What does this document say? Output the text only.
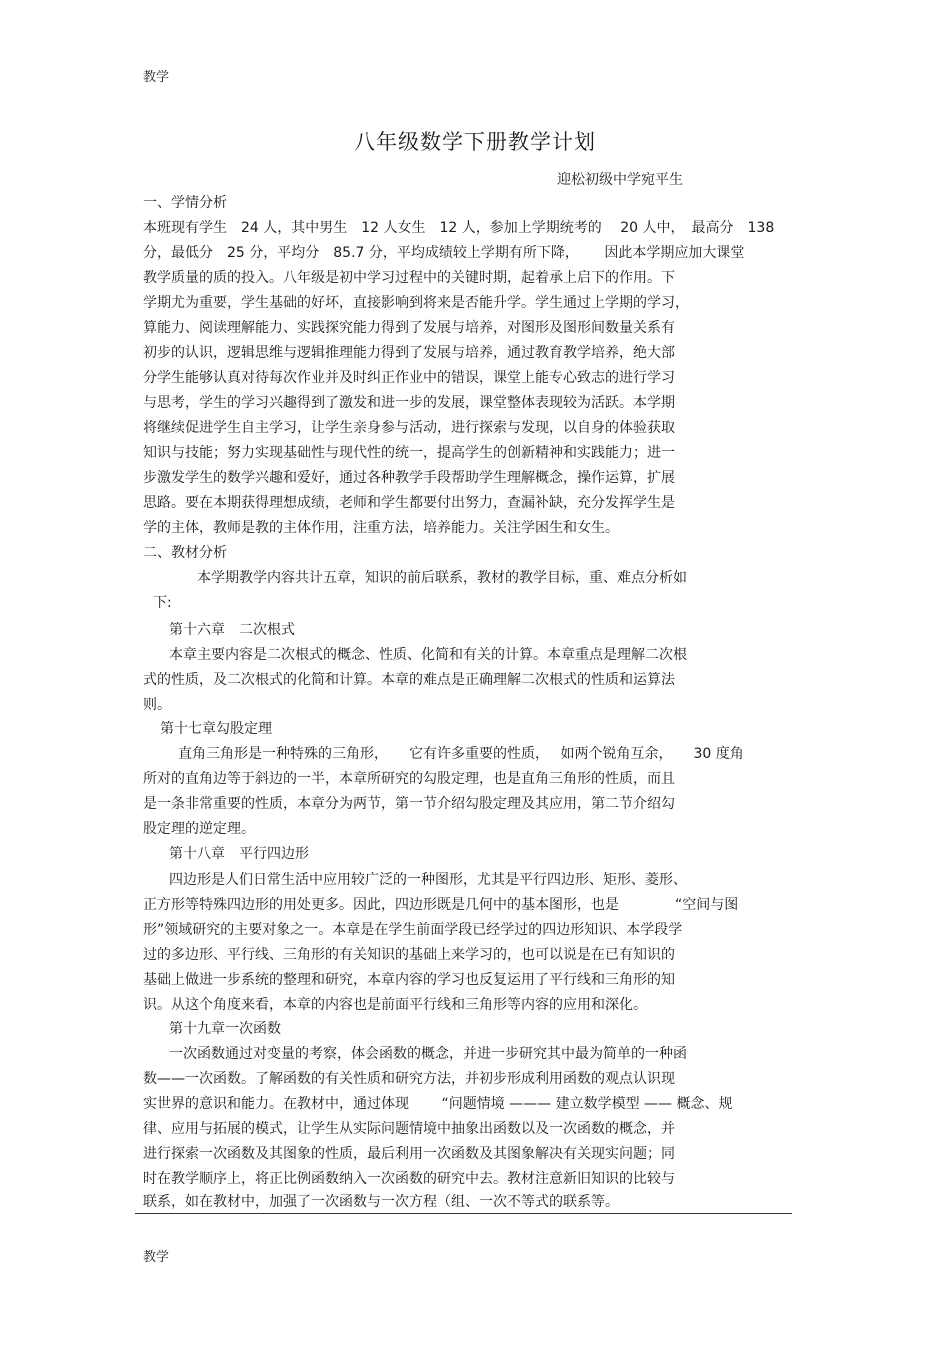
教学
八年级数学下册教学计划
迎松初级中学宛平生
一、学情分析
本班现有学生　24 人，其中男生　12 人女生　12 人，参加上学期统考的　 20 人中，　最高分　138
分，最低分　25 分，平均分　85.7 分，平均成绩较上学期有所下降，　　 因此本学期应加大课堂
教学质量的质的投入。八年级是初中学习过程中的关键时期，起着承上启下的作用。下
学期尤为重要，学生基础的好坏，直接影响到将来是否能升学。学生通过上学期的学习，
算能力、阅读理解能力、实践探究能力得到了发展与培养，对图形及图形间数量关系有
初步的认识，逻辑思维与逻辑推理能力得到了发展与培养，通过教育教学培养，绝大部
分学生能够认真对待每次作业并及时纠正作业中的错误，课堂上能专心致志的进行学习
与思考，学生的学习兴趣得到了激发和进一步的发展，课堂整体表现较为活跃。本学期
将继续促进学生自主学习，让学生亲身参与活动，进行探索与发现，以自身的体验获取
知识与技能；努力实现基础性与现代性的统一，提高学生的创新精神和实践能力；进一
步激发学生的数学兴趣和爱好，通过各种教学手段帮助学生理解概念，操作运算，扩展
思路。要在本期获得理想成绩，老师和学生都要付出努力，查漏补缺，充分发挥学生是
学的主体，教师是教的主体作用，注重方法，培养能力。关注学困生和女生。
二、教材分析
本学期教学内容共计五章，知识的前后联系，教材的教学目标，重、难点分析如
下:
第十六章　二次根式
本章主要内容是二次根式的概念、性质、化简和有关的计算。本章重点是理解二次根
式的性质，及二次根式的化简和计算。本章的难点是正确理解二次根式的性质和运算法
则。
第十七章勾股定理
直角三角形是一种特殊的三角形，　　它有许多重要的性质，　 如两个锐角互余，　　30 度角
所对的直角边等于斜边的一半，本章所研究的勾股定理，也是直角三角形的性质，而且
是一条非常重要的性质，本章分为两节，第一节介绍勾股定理及其应用，第二节介绍勾
股定理的逆定理。
第十八章　平行四边形
四边形是人们日常生活中应用较广泛的一种图形，尤其是平行四边形、矩形、菱形、
正方形等特殊四边形的用处更多。因此，四边形既是几何中的基本图形，也是　　　　“空间与图
形”领域研究的主要对象之一。本章是在学生前面学段已经学过的四边形知识、本学段学
过的多边形、平行线、三角形的有关知识的基础上来学习的，也可以说是在已有知识的
基础上做进一步系统的整理和研究，本章内容的学习也反复运用了平行线和三角形的知
识。从这个角度来看，本章的内容也是前面平行线和三角形等内容的应用和深化。
第十九章一次函数
一次函数通过对变量的考察，体会函数的概念，并进一步研究其中最为简单的一种函
数——一次函数。了解函数的有关性质和研究方法，并初步形成利用函数的观点认识现
实世界的意识和能力。在教材中，通过体现　　 “问题情境 ——— 建立数学模型 —— 概念、规
律、应用与拓展的模式，让学生从实际问题情境中抽象出函数以及一次函数的概念，并
进行探索一次函数及其图象的性质，最后利用一次函数及其图象解决有关现实问题；同
时在教学顺序上，将正比例函数纳入一次函数的研究中去。教材注意新旧知识的比较与
联系，如在教材中，加强了一次函数与一次方程（组、一次不等式的联系等。
教学
